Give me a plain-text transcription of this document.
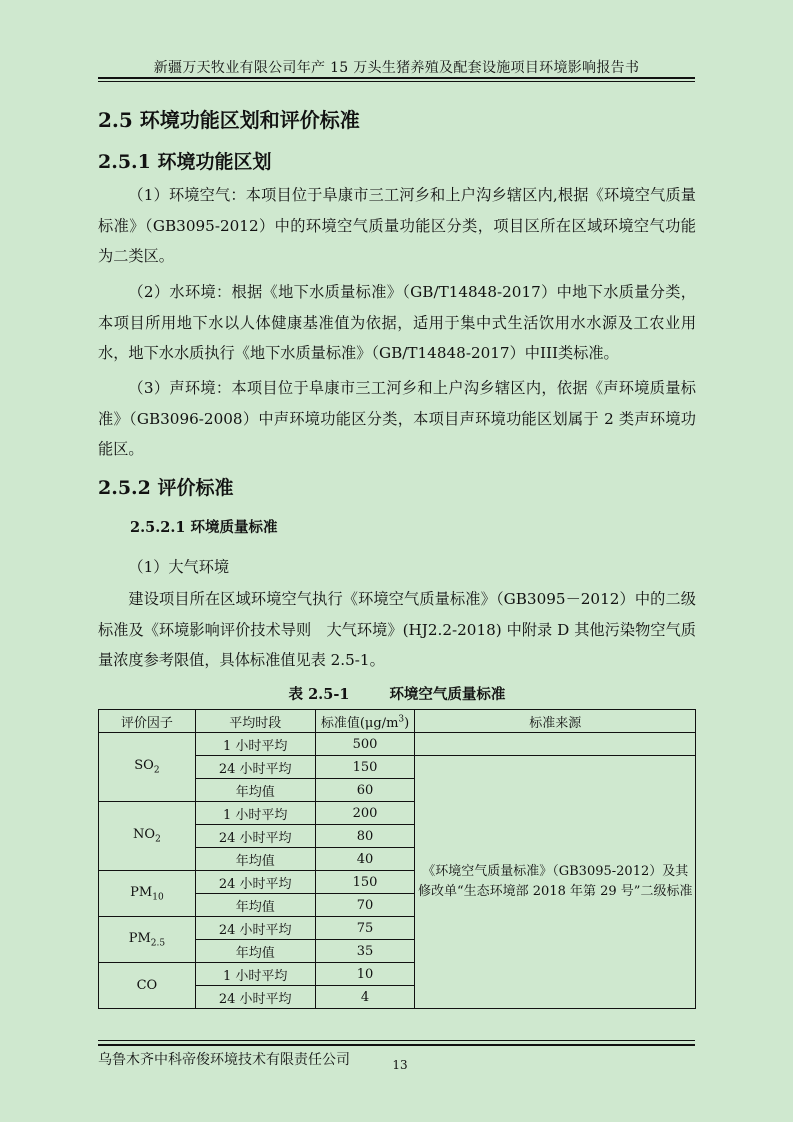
新疆万天牧业有限公司年产 15 万头生猪养殖及配套设施项目环境影响报告书
2.5 环境功能区划和评价标准
2.5.1 环境功能区划
（1）环境空气：本项目位于阜康市三工河乡和上户沟乡辖区内,根据《环境空气质量标准》（GB3095-2012）中的环境空气质量功能区分类，项目区所在区域环境空气功能为二类区。
（2）水环境：根据《地下水质量标准》（GB/T14848-2017）中地下水质量分类，本项目所用地下水以人体健康基准值为依据，适用于集中式生活饮用水水源及工农业用水，地下水水质执行《地下水质量标准》（GB/T14848-2017）中III类标准。
（3）声环境：本项目位于阜康市三工河乡和上户沟乡辖区内，依据《声环境质量标准》（GB3096-2008）中声环境功能区分类，本项目声环境功能区划属于 2 类声环境功能区。
2.5.2 评价标准
2.5.2.1 环境质量标准
（1）大气环境
建设项目所在区域环境空气执行《环境空气质量标准》（GB3095－2012）中的二级标准及《环境影响评价技术导则　大气环境》(HJ2.2-2018) 中附录 D 其他污染物空气质量浓度参考限值，具体标准值见表 2.5-1。
表 2.5-1	环境空气质量标准
评价因子	平均时段	标准值$(\mu g/m^3)$	标准来源
$SO_2$	1 小时平均	500	
	24 小时平均	150	《环境空气质量标准》（GB3095-2012）及其修改单“生态环境部 2018 年第 29 号”二级标准
	年均值	60	
$NO_2$	1 小时平均	200	
	24 小时平均	80	
	年均值	40	
$PM_{10}$	24 小时平均	150	
	年均值	70	
$PM_{2.5}$	24 小时平均	75	
	年均值	35	
CO	1 小时平均	10	
	24 小时平均	4	
乌鲁木齐中科帝俊环境技术有限责任公司	13
